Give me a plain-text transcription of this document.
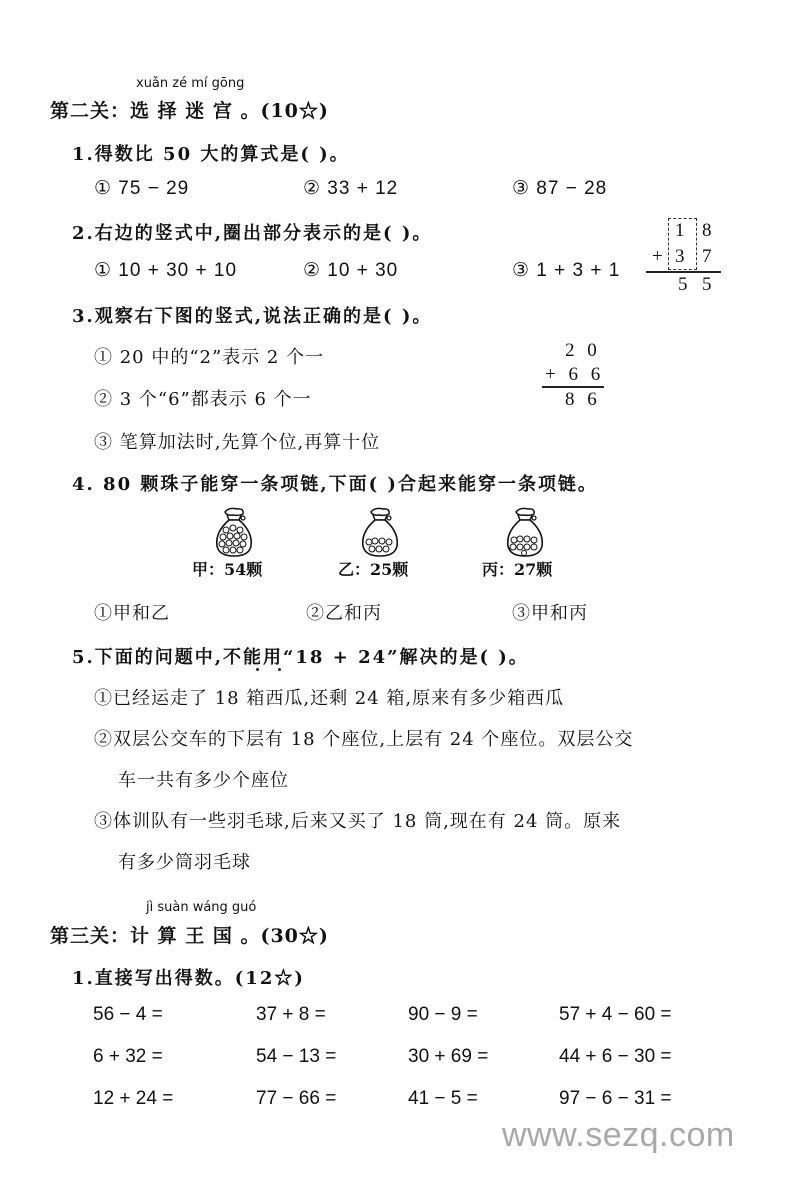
xuǎn zé mí gōng
第二关：选 择 迷 宫 。(10☆)
1.得数比 50 大的算式是( )。
① 75 − 29	② 33 + 12	③ 87 − 28
2.右边的竖式中,圈出部分表示的是( )。
① 10 + 30 + 10	② 10 + 30	③ 1 + 3 + 1
1 8
+ 3 7
5 5
3.观察右下图的竖式,说法正确的是( )。
① 20 中的“2”表示 2 个一
② 3 个“6”都表示 6 个一
③ 笔算加法时,先算个位,再算十位
2 0
+ 6 6
8 6
4. 80 颗珠子能穿一条项链,下面( )合起来能穿一条项链。
甲：54颗	乙：25颗	丙：27颗
①甲和乙	②乙和丙	③甲和丙
5.下面的问题中,不能用“18 + 24”解决的是( )。
①已经运走了 18 箱西瓜,还剩 24 箱,原来有多少箱西瓜
②双层公交车的下层有 18 个座位,上层有 24 个座位。双层公交
车一共有多少个座位
③体训队有一些羽毛球,后来又买了 18 筒,现在有 24 筒。原来
有多少筒羽毛球
jì suàn wáng guó
第三关：计 算 王 国 。(30☆)
1.直接写出得数。(12☆)
56 − 4 =	37 + 8 =	90 − 9 =	57 + 4 − 60 =
6 + 32 =	54 − 13 =	30 + 69 =	44 + 6 − 30 =
12 + 24 =	77 − 66 =	41 − 5 =	97 − 6 − 31 =
www.sezq.com
